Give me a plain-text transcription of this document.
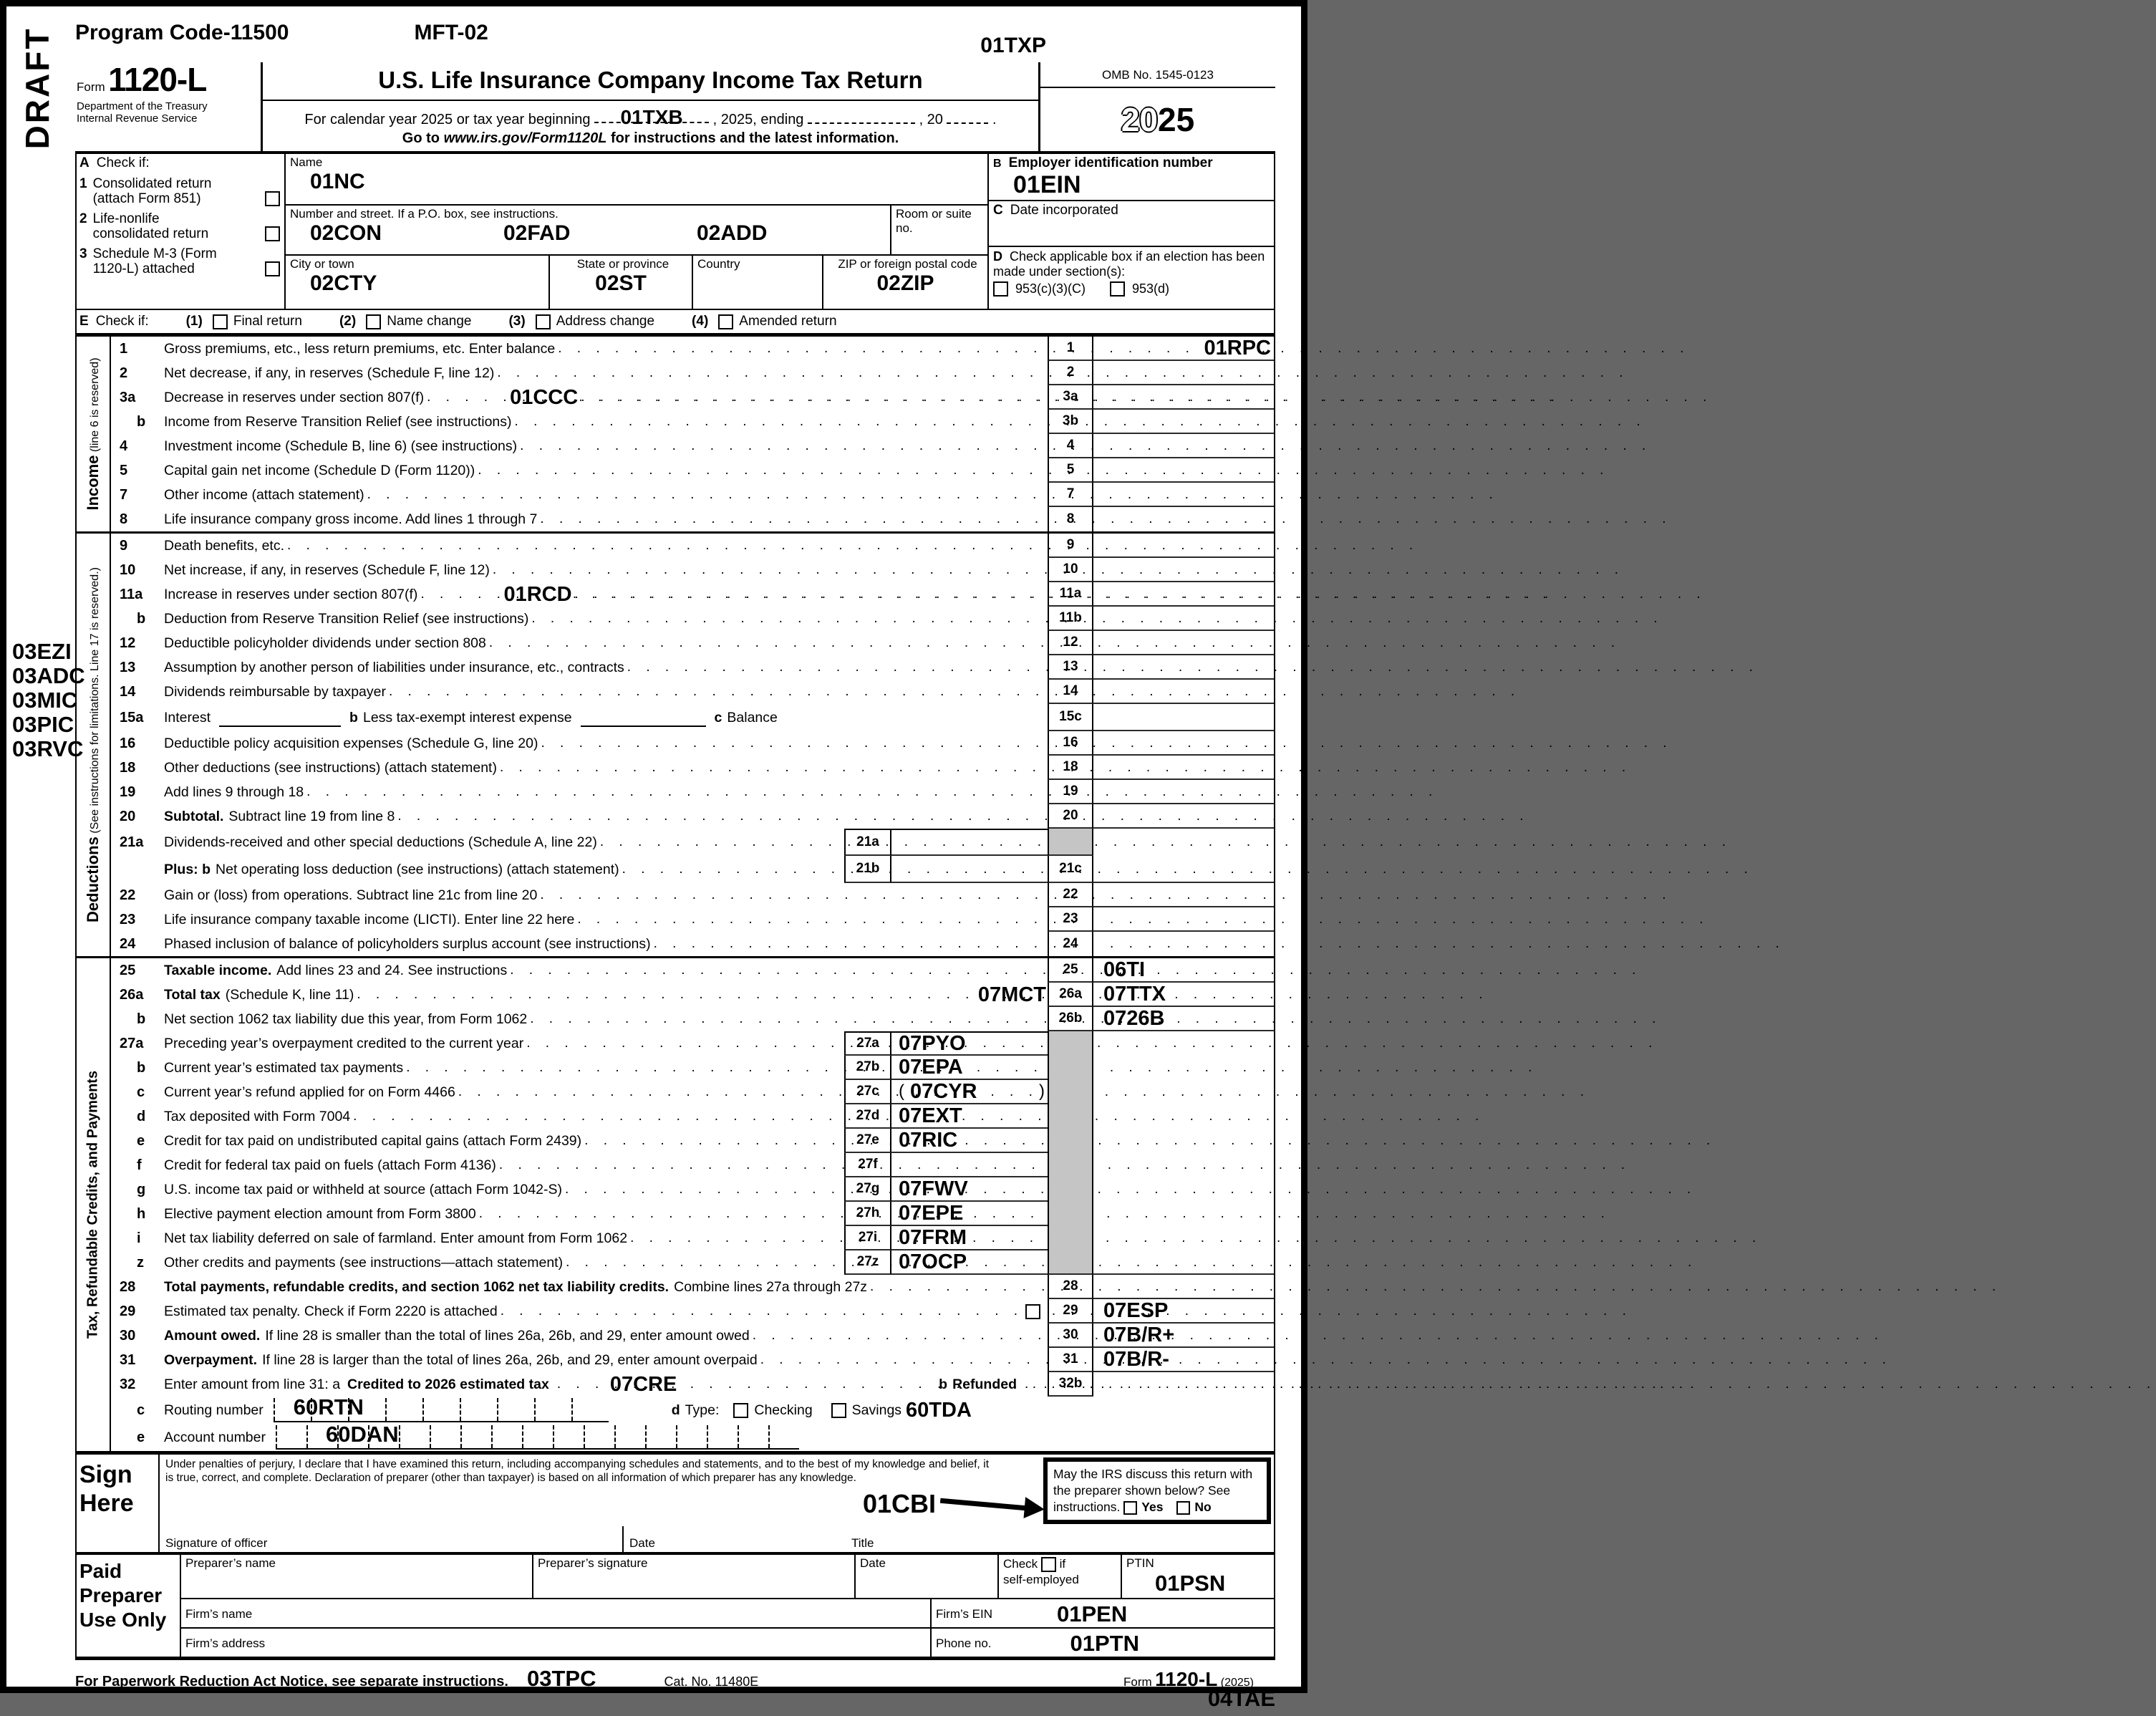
DRAFT
03EZI
03ADC
03MIC
03PIC
03RVC
Program Code-11500	MFT-02
01TXP
Form 1120-L
Department of the Treasury
Internal Revenue Service
U.S. Life Insurance Company Income Tax Return
For calendar year 2025 or tax year beginning 01TXB , 2025, ending	, 20	.
Go to www.irs.gov/Form1120L for instructions and the latest information.
OMB No. 1545-0123
20 25
A Check if:
1 Consolidated return (attach Form 851)
2 Life-nonlife consolidated return
3 Schedule M-3 (Form 1120-L) attached
Name
01NC
Number and street. If a P.O. box, see instructions.
02CON	02FAD	02ADD
Room or suite no.
City or town
02CTY
State or province
02ST
Country	ZIP or foreign postal code
02ZIP
B Employer identification number
01EIN
C Date incorporated
D Check applicable box if an election has been made under section(s):
953(c)(3)(C)	953(d)
E Check if:	(1) Final return	(2) Name change	(3) Address change	(4) Amended return
Income (line 6 is reserved)
1	Gross premiums, etc., less return premiums, etc. Enter balance . . .	1	01RPC
2	Net decrease, if any, in reserves (Schedule F, line 12) . . .	2
3a	Decrease in reserves under section 807(f) . . .	01CCC . . .	3a
b	Income from Reserve Transition Relief (see instructions) . . .	3b
4	Investment income (Schedule B, line 6) (see instructions) . . .	4
5	Capital gain net income (Schedule D (Form 1120)) . . .	5
7	Other income (attach statement) . . .	7
8	Life insurance company gross income. Add lines 1 through 7 . . .	8
Deductions (See instructions for limitations. Line 17 is reserved.)
9	Death benefits, etc. . . .	9
10	Net increase, if any, in reserves (Schedule F, line 12) . . .	10
11a	Increase in reserves under section 807(f) . . .	01RCD . . .	11a
b	Deduction from Reserve Transition Relief (see instructions) . . .	11b
12	Deductible policyholder dividends under section 808 . . .	12
13	Assumption by another person of liabilities under insurance, etc., contracts . . .	13
14	Dividends reimbursable by taxpayer . . .	14
15a	Interest	b Less tax-exempt interest expense	c Balance	15c
16	Deductible policy acquisition expenses (Schedule G, line 20) . . .	16
18	Other deductions (see instructions) (attach statement) . . .	18
19	Add lines 9 through 18 . . .	19
20	Subtotal. Subtract line 19 from line 8 . . .	20
21a	Dividends-received and other special deductions (Schedule A, line 22) . . .	21a
Plus: b Net operating loss deduction (see instructions) (attach statement) . . .	21b	21c
22	Gain or (loss) from operations. Subtract line 21c from line 20 . . .	22
23	Life insurance company taxable income (LICTI). Enter line 22 here . . .	23
24	Phased inclusion of balance of policyholders surplus account (see instructions) . . .	24
Tax, Refundable Credits, and Payments
25	Taxable income. Add lines 23 and 24. See instructions . . .	25	06TI
26a	Total tax (Schedule K, line 11) . . .	07MCT 26a	07TTX
b	Net section 1062 tax liability due this year, from Form 1062 . . .	26b	0726B
27a	Preceding year’s overpayment credited to the current year . . .	27a 07PYO
b	Current year’s estimated tax payments . . .	27b 07EPA
c	Current year’s refund applied for on Form 4466 . . .	27c	( 07CYR	)
d	Tax deposited with Form 7004 . . .	27d 07EXT
e	Credit for tax paid on undistributed capital gains (attach Form 2439) . . .	27e 07RIC
f	Credit for federal tax paid on fuels (attach Form 4136) . . .	27f
g	U.S. income tax paid or withheld at source (attach Form 1042-S) . . .	27g 07FWV
h	Elective payment election amount from Form 3800 . . .	27h 07EPE
i	Net tax liability deferred on sale of farmland. Enter amount from Form 1062 . . .	27i	07FRM
z	Other credits and payments (see instructions—attach statement) . . .	27z 07OCP
28	Total payments, refundable credits, and section 1062 net tax liability credits. Combine lines 27a through 27z . . .	28
29	Estimated tax penalty. Check if Form 2220 is attached . . .	29	07ESP
30	Amount owed. If line 28 is smaller than the total of lines 26a, 26b, and 29, enter amount owed . . .	30	07B/R+
31	Overpayment. If line 28 is larger than the total of lines 26a, 26b, and 29, enter amount overpaid . . .	31	07B/R-
32	Enter amount from line 31: a Credited to 2026 estimated tax . . .	07CRE	b Refunded . . .	32b
c	Routing number 60RTN	d Type:	Checking	Savings 60TDA
e	Account number	60DAN
Sign
Here
Under penalties of perjury, I declare that I have examined this return, including accompanying schedules and statements, and to the best of my knowledge and belief, it is true, correct, and complete. Declaration of preparer (other than taxpayer) is based on all information of which preparer has any knowledge.
01CBI
Signature of officer	Date	Title
May the IRS discuss this return with the preparer shown below? See instructions. Yes	No
Paid
Preparer
Use Only
Preparer’s name	Preparer’s signature	Date	Check if
self-employed
PTIN
01PSN
Firm’s name	Firm’s EIN	01PEN
Firm’s address	Phone no.	01PTN
For Paperwork Reduction Act Notice, see separate instructions. 03TPC	Cat. No. 11480E	Form 1120-L (2025)
04TAE
